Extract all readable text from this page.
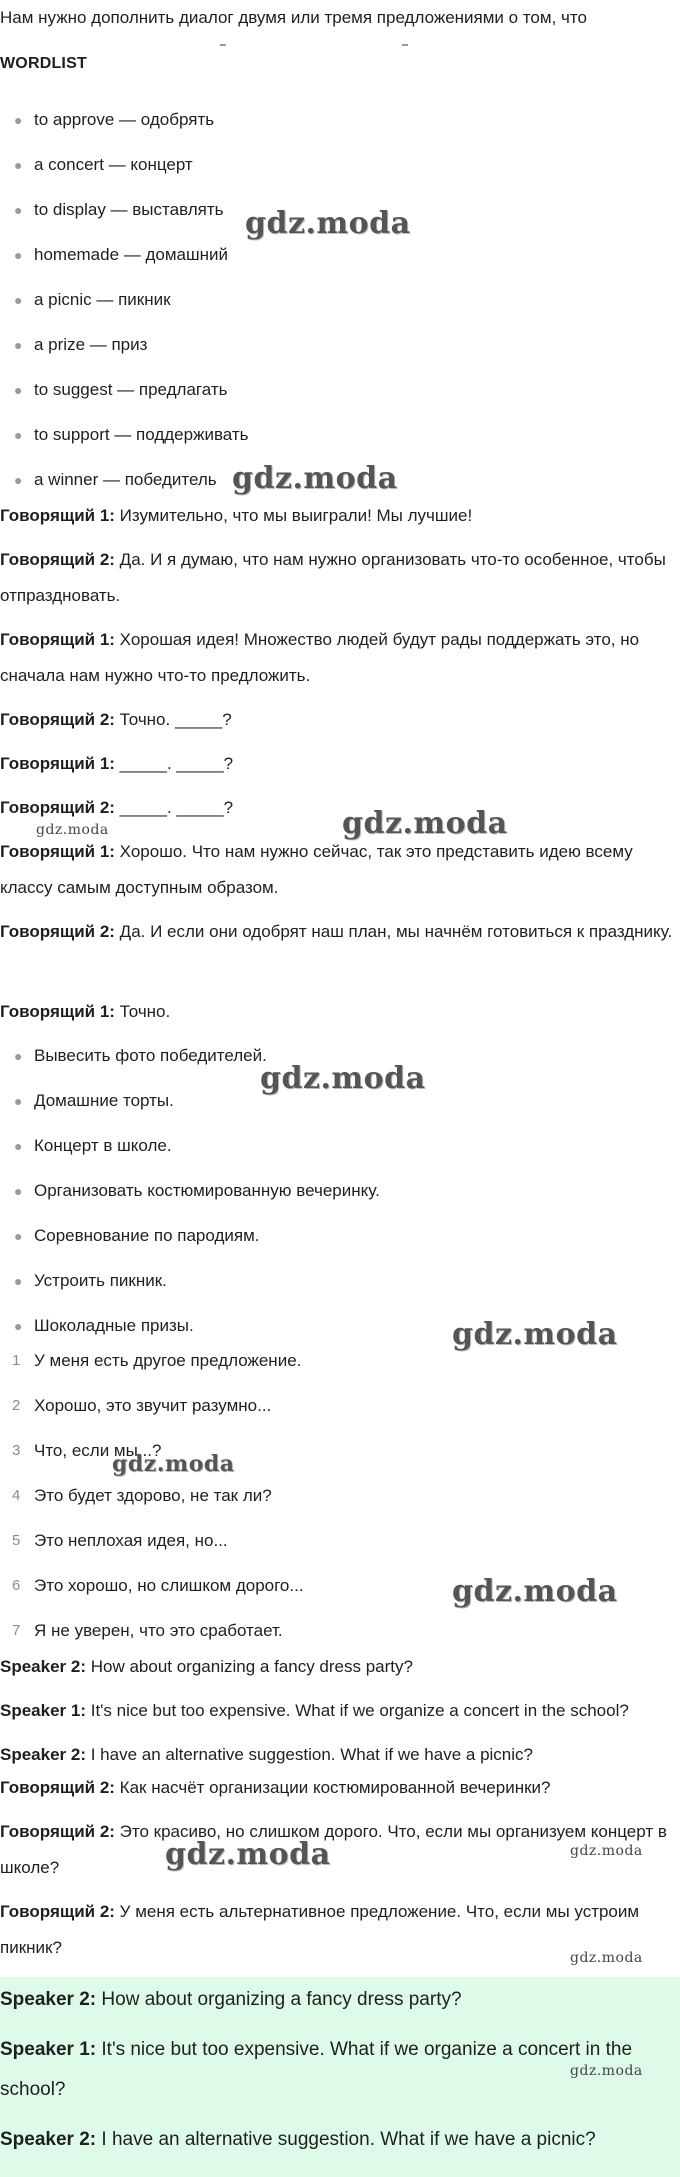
Нам нужно дополнить диалог двумя или тремя предложениями о том, что
WORDLIST
● to approve — одобрять
● a concert — концерт
● to display — выставлять
● homemade — домашний
● a picnic — пикник
● a prize — приз
● to suggest — предлагать
● to support — поддерживать
● a winner — победитель
Говорящий 1: Изумительно, что мы выиграли! Мы лучшие!
Говорящий 2: Да. И я думаю, что нам нужно организовать что-то особенное, чтобы отпраздновать.
Говорящий 1: Хорошая идея! Множество людей будут рады поддержать это, но сначала нам нужно что-то предложить.
Говорящий 2: Точно. _____?
Говорящий 1: _____. _____?
Говорящий 2: _____. _____?
Говорящий 1: Хорошо. Что нам нужно сейчас, так это представить идею всему классу самым доступным образом.
Говорящий 2: Да. И если они одобрят наш план, мы начнём готовиться к празднику.
Говорящий 1: Точно.
● Вывесить фото победителей.
● Домашние торты.
● Концерт в школе.
● Организовать костюмированную вечеринку.
● Соревнование по пародиям.
● Устроить пикник.
● Шоколадные призы.
1 У меня есть другое предложение.
2 Хорошо, это звучит разумно...
3 Что, если мы...?
4 Это будет здорово, не так ли?
5 Это неплохая идея, но...
6 Это хорошо, но слишком дорого...
7 Я не уверен, что это сработает.
Speaker 2: How about organizing a fancy dress party?
Speaker 1: It's nice but too expensive. What if we organize a concert in the school?
Speaker 2: I have an alternative suggestion. What if we have a picnic?
Говорящий 2: Как насчёт организации костюмированной вечеринки?
Говорящий 2: Это красиво, но слишком дорого. Что, если мы организуем концерт в школе?
Говорящий 2: У меня есть альтернативное предложение. Что, если мы устроим пикник?
Speaker 2: How about organizing a fancy dress party?
Speaker 1: It's nice but too expensive. What if we organize a concert in the school?
Speaker 2: I have an alternative suggestion. What if we have a picnic?
gdz.moda
gdz.moda
gdz.moda
gdz.moda
gdz.moda
gdz.moda
gdz.moda
gdz.moda
gdz.moda
gdz.moda
gdz.moda
gdz.moda
